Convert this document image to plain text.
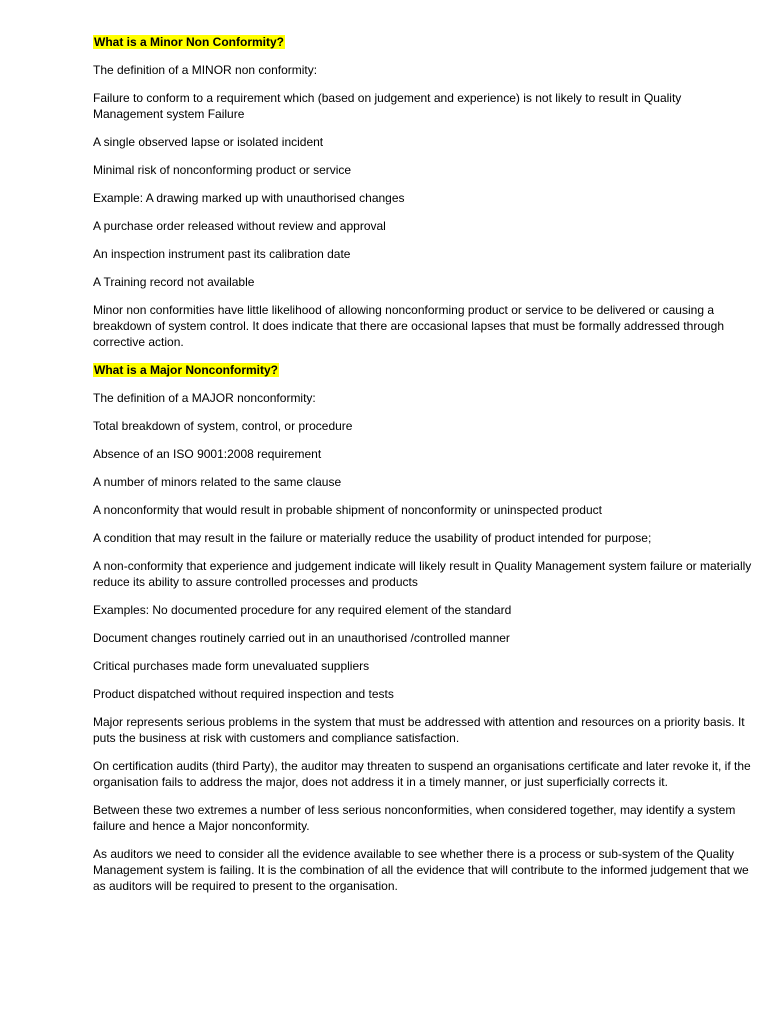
What is a Minor Non Conformity?

The definition of a MINOR non conformity:

Failure to conform to a requirement which (based on judgement and experience) is not likely to result in Quality Management system Failure

A single observed lapse or isolated incident

Minimal risk of nonconforming product or service

Example: A drawing marked up with unauthorised changes

A purchase order released without review and approval

An inspection instrument past its calibration date

A Training record not available

Minor non conformities have little likelihood of allowing nonconforming product or service to be delivered or causing a breakdown of system control. It does indicate that there are occasional lapses that must be formally addressed through corrective action.

What is a Major Nonconformity?

The definition of a MAJOR nonconformity:

Total breakdown of system, control, or procedure

Absence of an ISO 9001:2008 requirement

A number of minors related to the same clause

A nonconformity that would result in probable shipment of nonconformity or uninspected product

A condition that may result in the failure or materially reduce the usability of product intended for purpose;

A non-conformity that experience and judgement indicate will likely result in Quality Management system failure or materially reduce its ability to assure controlled processes and products

Examples: No documented procedure for any required element of the standard

Document changes routinely carried out in an unauthorised /controlled manner

Critical purchases made form unevaluated suppliers

Product dispatched without required inspection and tests

Major represents serious problems in the system that must be addressed with attention and resources on a priority basis. It puts the business at risk with customers and compliance satisfaction.

On certification audits (third Party), the auditor may threaten to suspend an organisations certificate and later revoke it, if the organisation fails to address the major, does not address it in a timely manner, or just superficially corrects it.

Between these two extremes a number of less serious nonconformities, when considered together, may identify a system failure and hence a Major nonconformity.

As auditors we need to consider all the evidence available to see whether there is a process or sub-system of the Quality Management system is failing. It is the combination of all the evidence that will contribute to the informed judgement that we as auditors will be required to present to the organisation.
